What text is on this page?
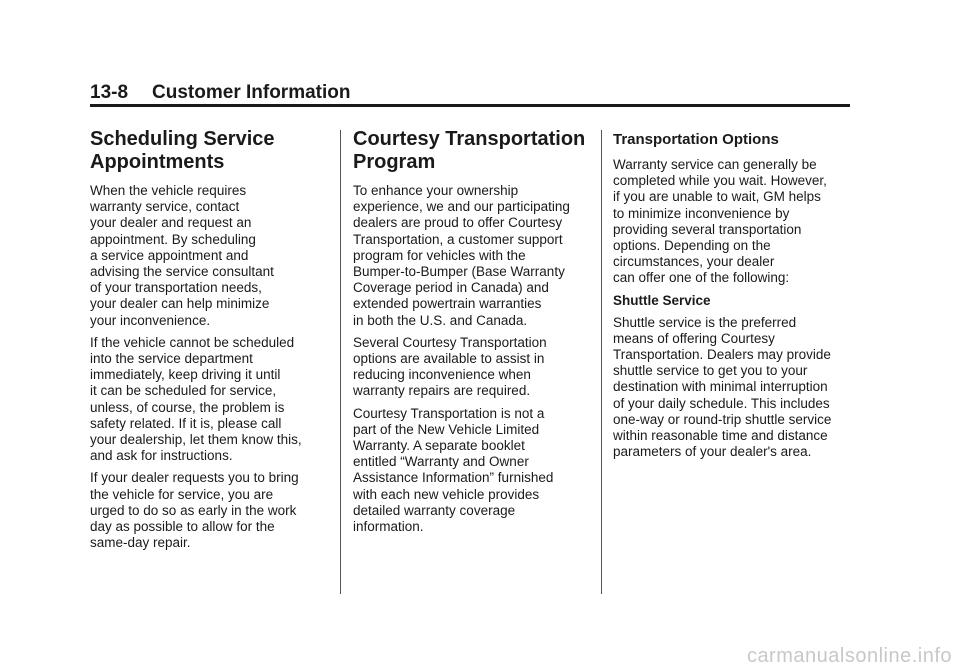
13-8 Customer Information
Scheduling Service
Appointments

When the vehicle requires
warranty service, contact
your dealer and request an
appointment. By scheduling
a service appointment and
advising the service consultant
of your transportation needs,
your dealer can help minimize
your inconvenience.

If the vehicle cannot be scheduled
into the service department
immediately, keep driving it until
it can be scheduled for service,
unless, of course, the problem is
safety related. If it is, please call
your dealership, let them know this,
and ask for instructions.

If your dealer requests you to bring
the vehicle for service, you are
urged to do so as early in the work
day as possible to allow for the
same-day repair.

Courtesy Transportation
Program

To enhance your ownership
experience, we and our participating
dealers are proud to offer Courtesy
Transportation, a customer support
program for vehicles with the
Bumper-to-Bumper (Base Warranty
Coverage period in Canada) and
extended powertrain warranties
in both the U.S. and Canada.

Several Courtesy Transportation
options are available to assist in
reducing inconvenience when
warranty repairs are required.

Courtesy Transportation is not a
part of the New Vehicle Limited
Warranty. A separate booklet
entitled “Warranty and Owner
Assistance Information” furnished
with each new vehicle provides
detailed warranty coverage
information.

Transportation Options

Warranty service can generally be
completed while you wait. However,
if you are unable to wait, GM helps
to minimize inconvenience by
providing several transportation
options. Depending on the
circumstances, your dealer
can offer one of the following:

Shuttle Service

Shuttle service is the preferred
means of offering Courtesy
Transportation. Dealers may provide
shuttle service to get you to your
destination with minimal interruption
of your daily schedule. This includes
one-way or round-trip shuttle service
within reasonable time and distance
parameters of your dealer's area.

carmanualsonline.info
